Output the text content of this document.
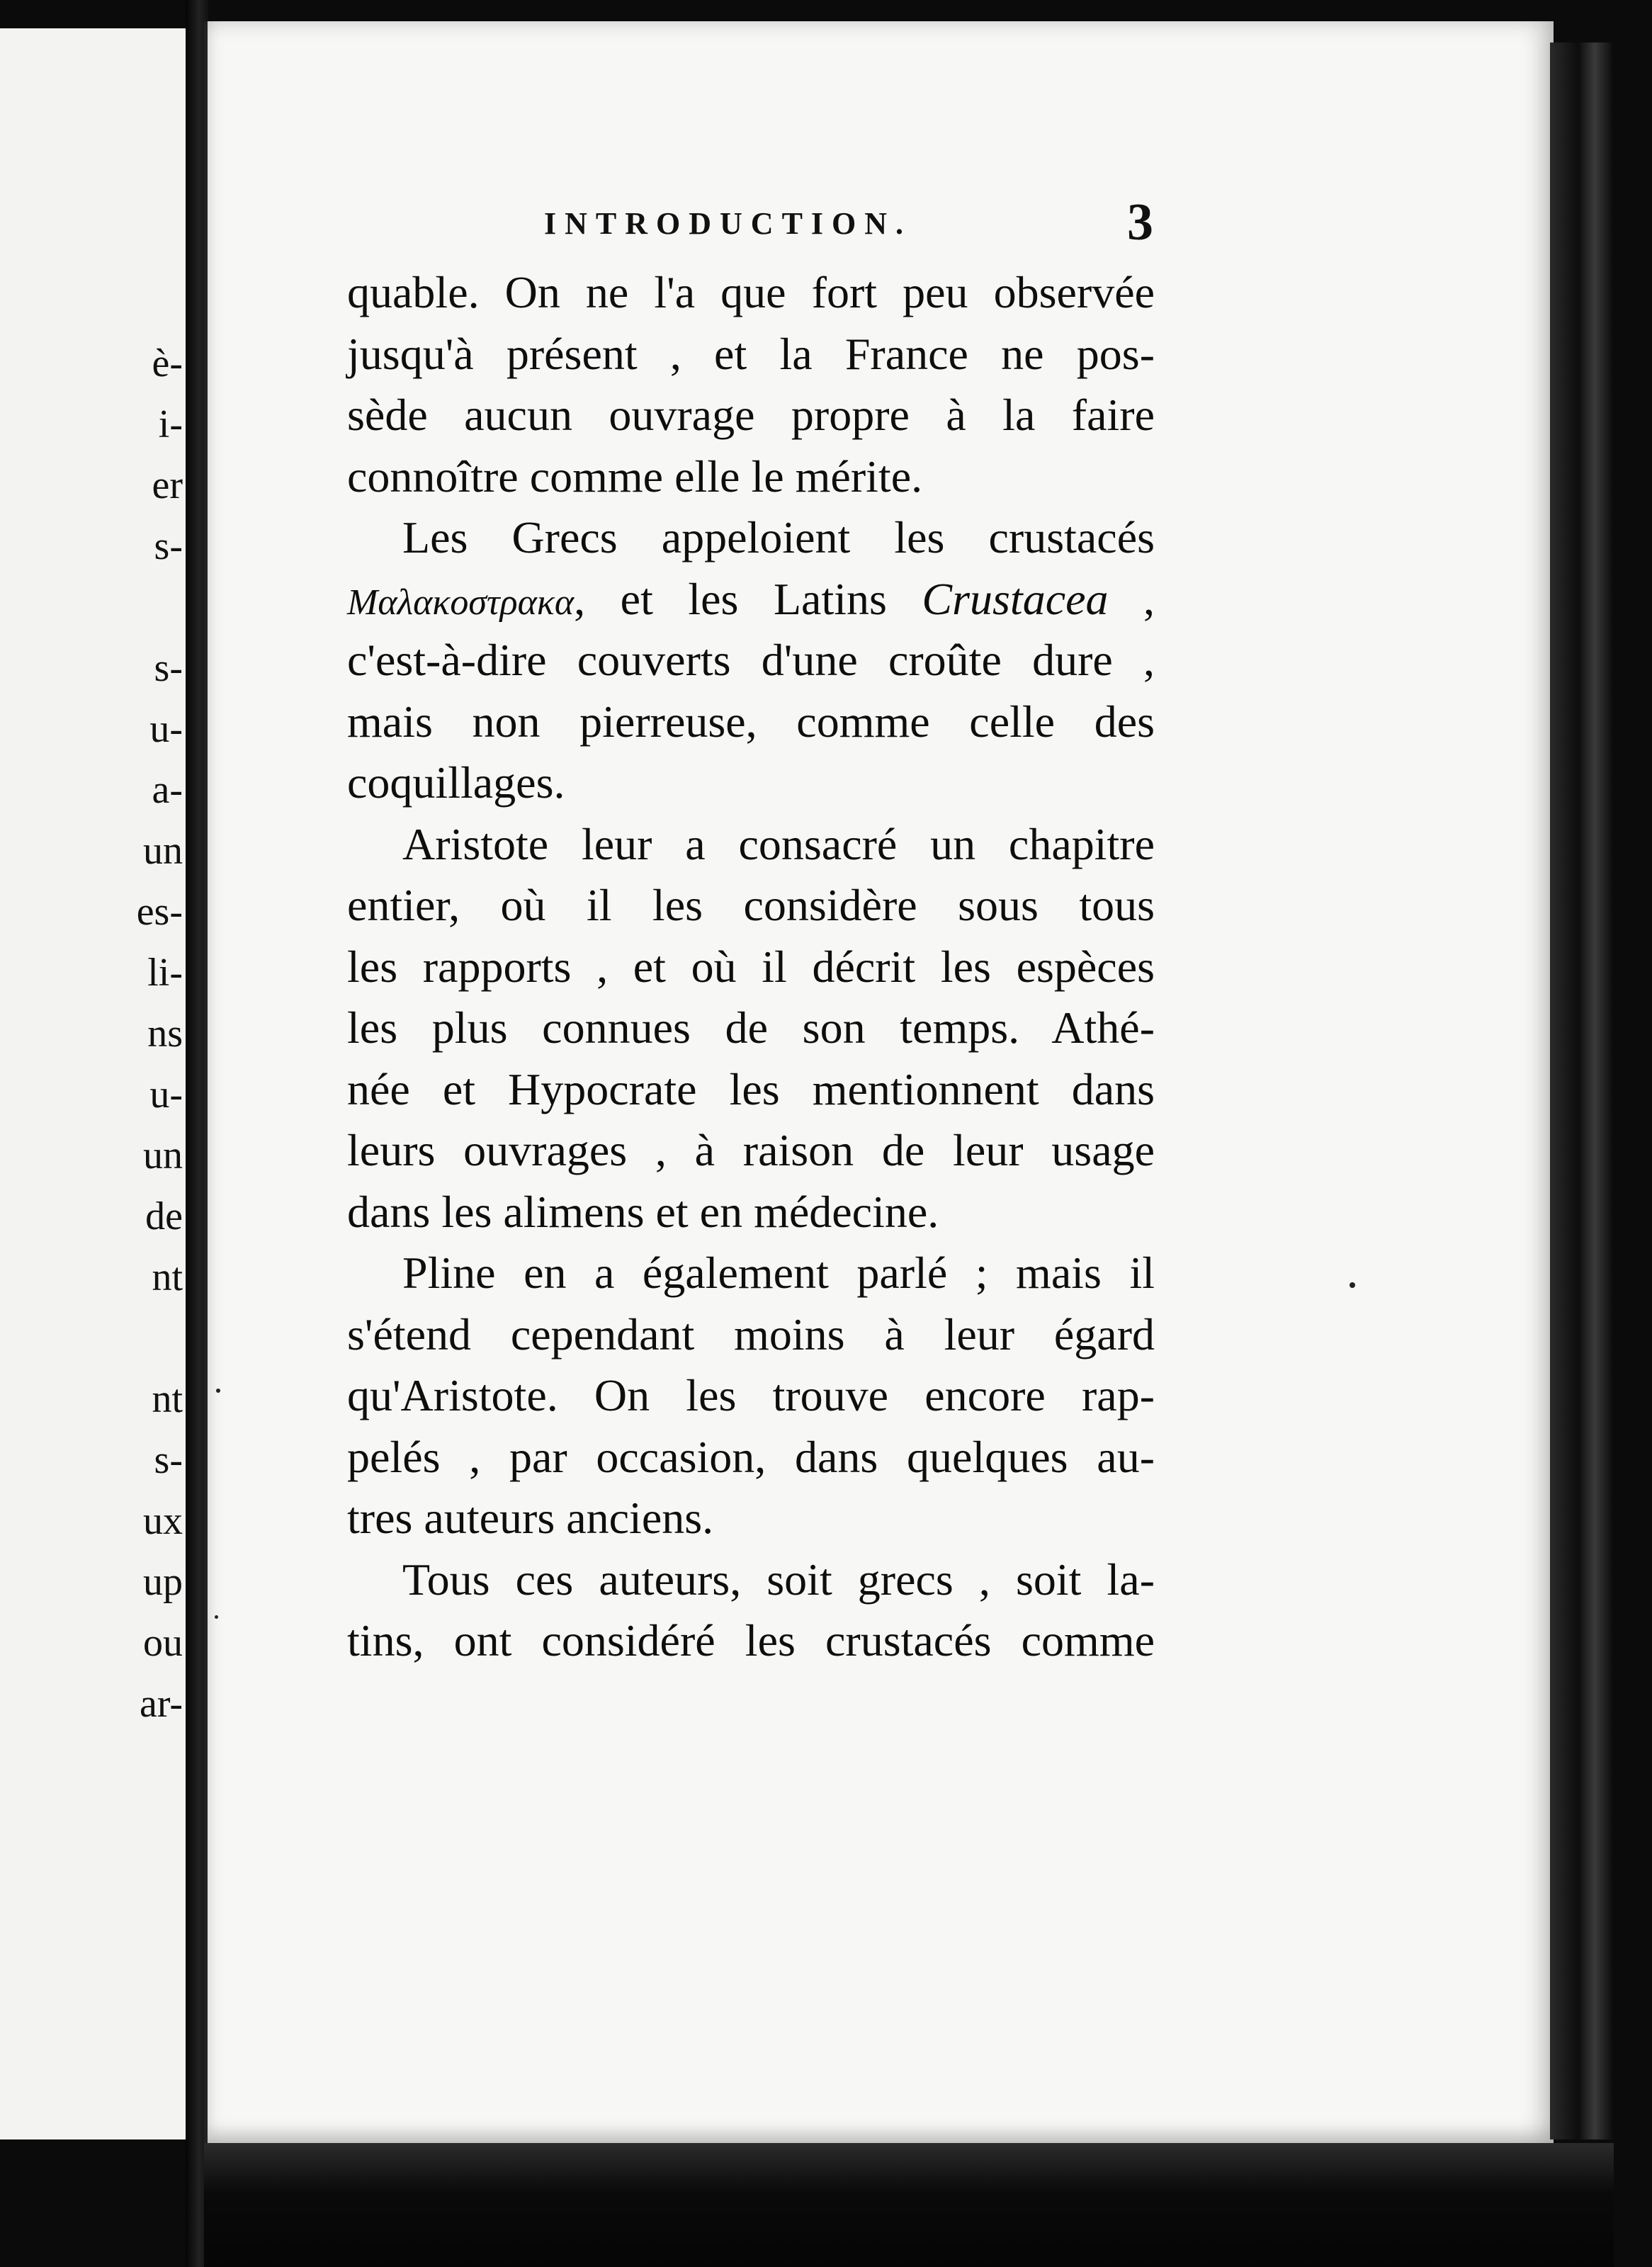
è-
i-
er
s-
s-
u-
a-
un
es-
li-
ns
u-
un
de
nt
nt
s-
ux
up
ou
ar-
INTRODUCTION.	3
quable. On ne l'a que fort peu observée
jusqu'à présent , et la France ne pos-
sède aucun ouvrage propre à la faire
connoître comme elle le mérite.
Les Grecs appeloient les crustacés
Μαλακοστρακα, et les Latins Crustacea ,
c'est-à-dire couverts d'une croûte dure ,
mais non pierreuse, comme celle des
coquillages.
Aristote leur a consacré un chapitre
entier, où il les considère sous tous
les rapports , et où il décrit les espèces
les plus connues de son temps. Athé-
née et Hypocrate les mentionnent dans
leurs ouvrages , à raison de leur usage
dans les alimens et en médecine.
Pline en a également parlé ; mais il
s'étend cependant moins à leur égard
qu'Aristote. On les trouve encore rap-
pelés , par occasion, dans quelques au-
tres auteurs anciens.
Tous ces auteurs, soit grecs , soit la-
tins, ont considéré les crustacés comme
